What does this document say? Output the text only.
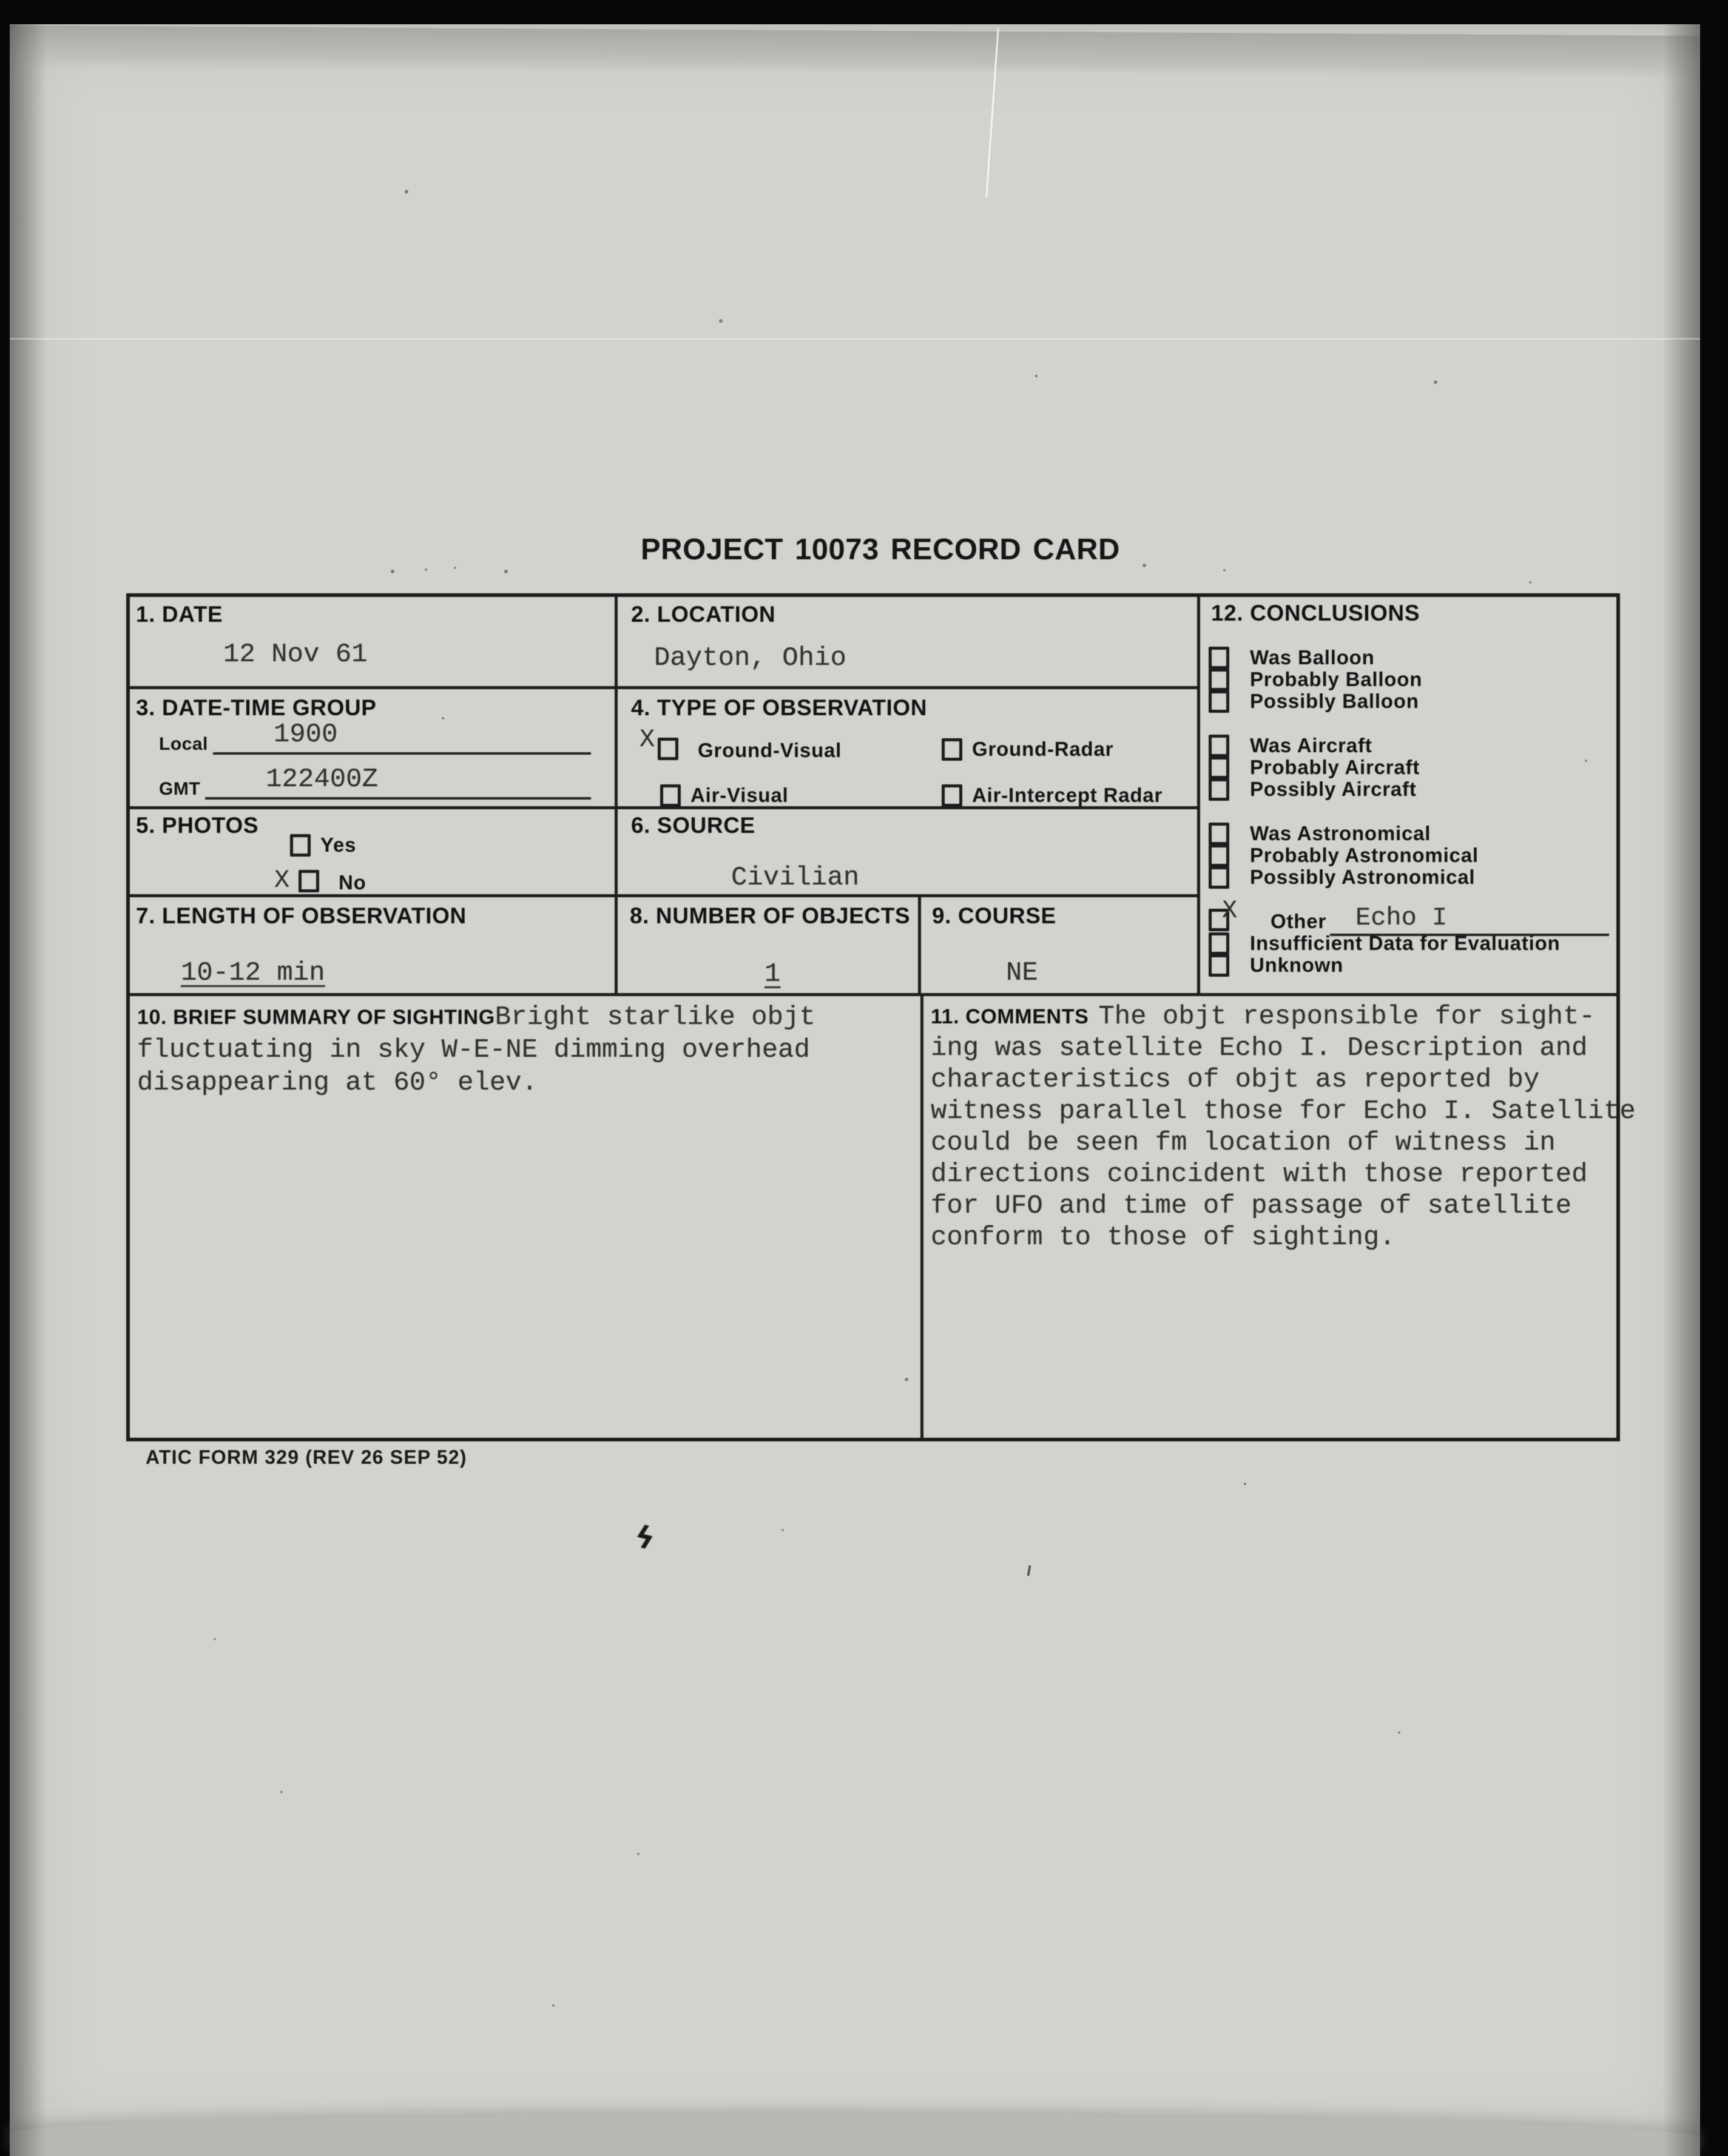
ϟ
PROJECT 10073 RECORD CARD
1. DATE
12 Nov 61
2. LOCATION
Dayton, Ohio
3. DATE-TIME GROUP
Local 1900
GMT 122400Z
4. TYPE OF OBSERVATION
X Ground-Visual	Ground-Radar
Air-Visual	Air-Intercept Radar
5. PHOTOS
Yes
X No
6. SOURCE
Civilian
7. LENGTH OF OBSERVATION
10-12 min
8. NUMBER OF OBJECTS
1
9. COURSE
NE
12. CONCLUSIONS
Was Balloon
Probably Balloon
Possibly Balloon
Was Aircraft
Probably Aircraft
Possibly Aircraft
Was Astronomical
Probably Astronomical
Possibly Astronomical
X Other Echo I
Insufficient Data for Evaluation
Unknown
10. BRIEF SUMMARY OF SIGHTINGBright starlike objt
fluctuating in sky W-E-NE dimming overhead
disappearing at 60° elev.
11. COMMENTS The objt responsible for sight-
ing was satellite Echo I. Description and
characteristics of objt as reported by
witness parallel those for Echo I. Satellite
could be seen fm location of witness in
directions coincident with those reported
for UFO and time of passage of satellite
conform to those of sighting.
ATIC FORM 329 (REV 26 SEP 52)
